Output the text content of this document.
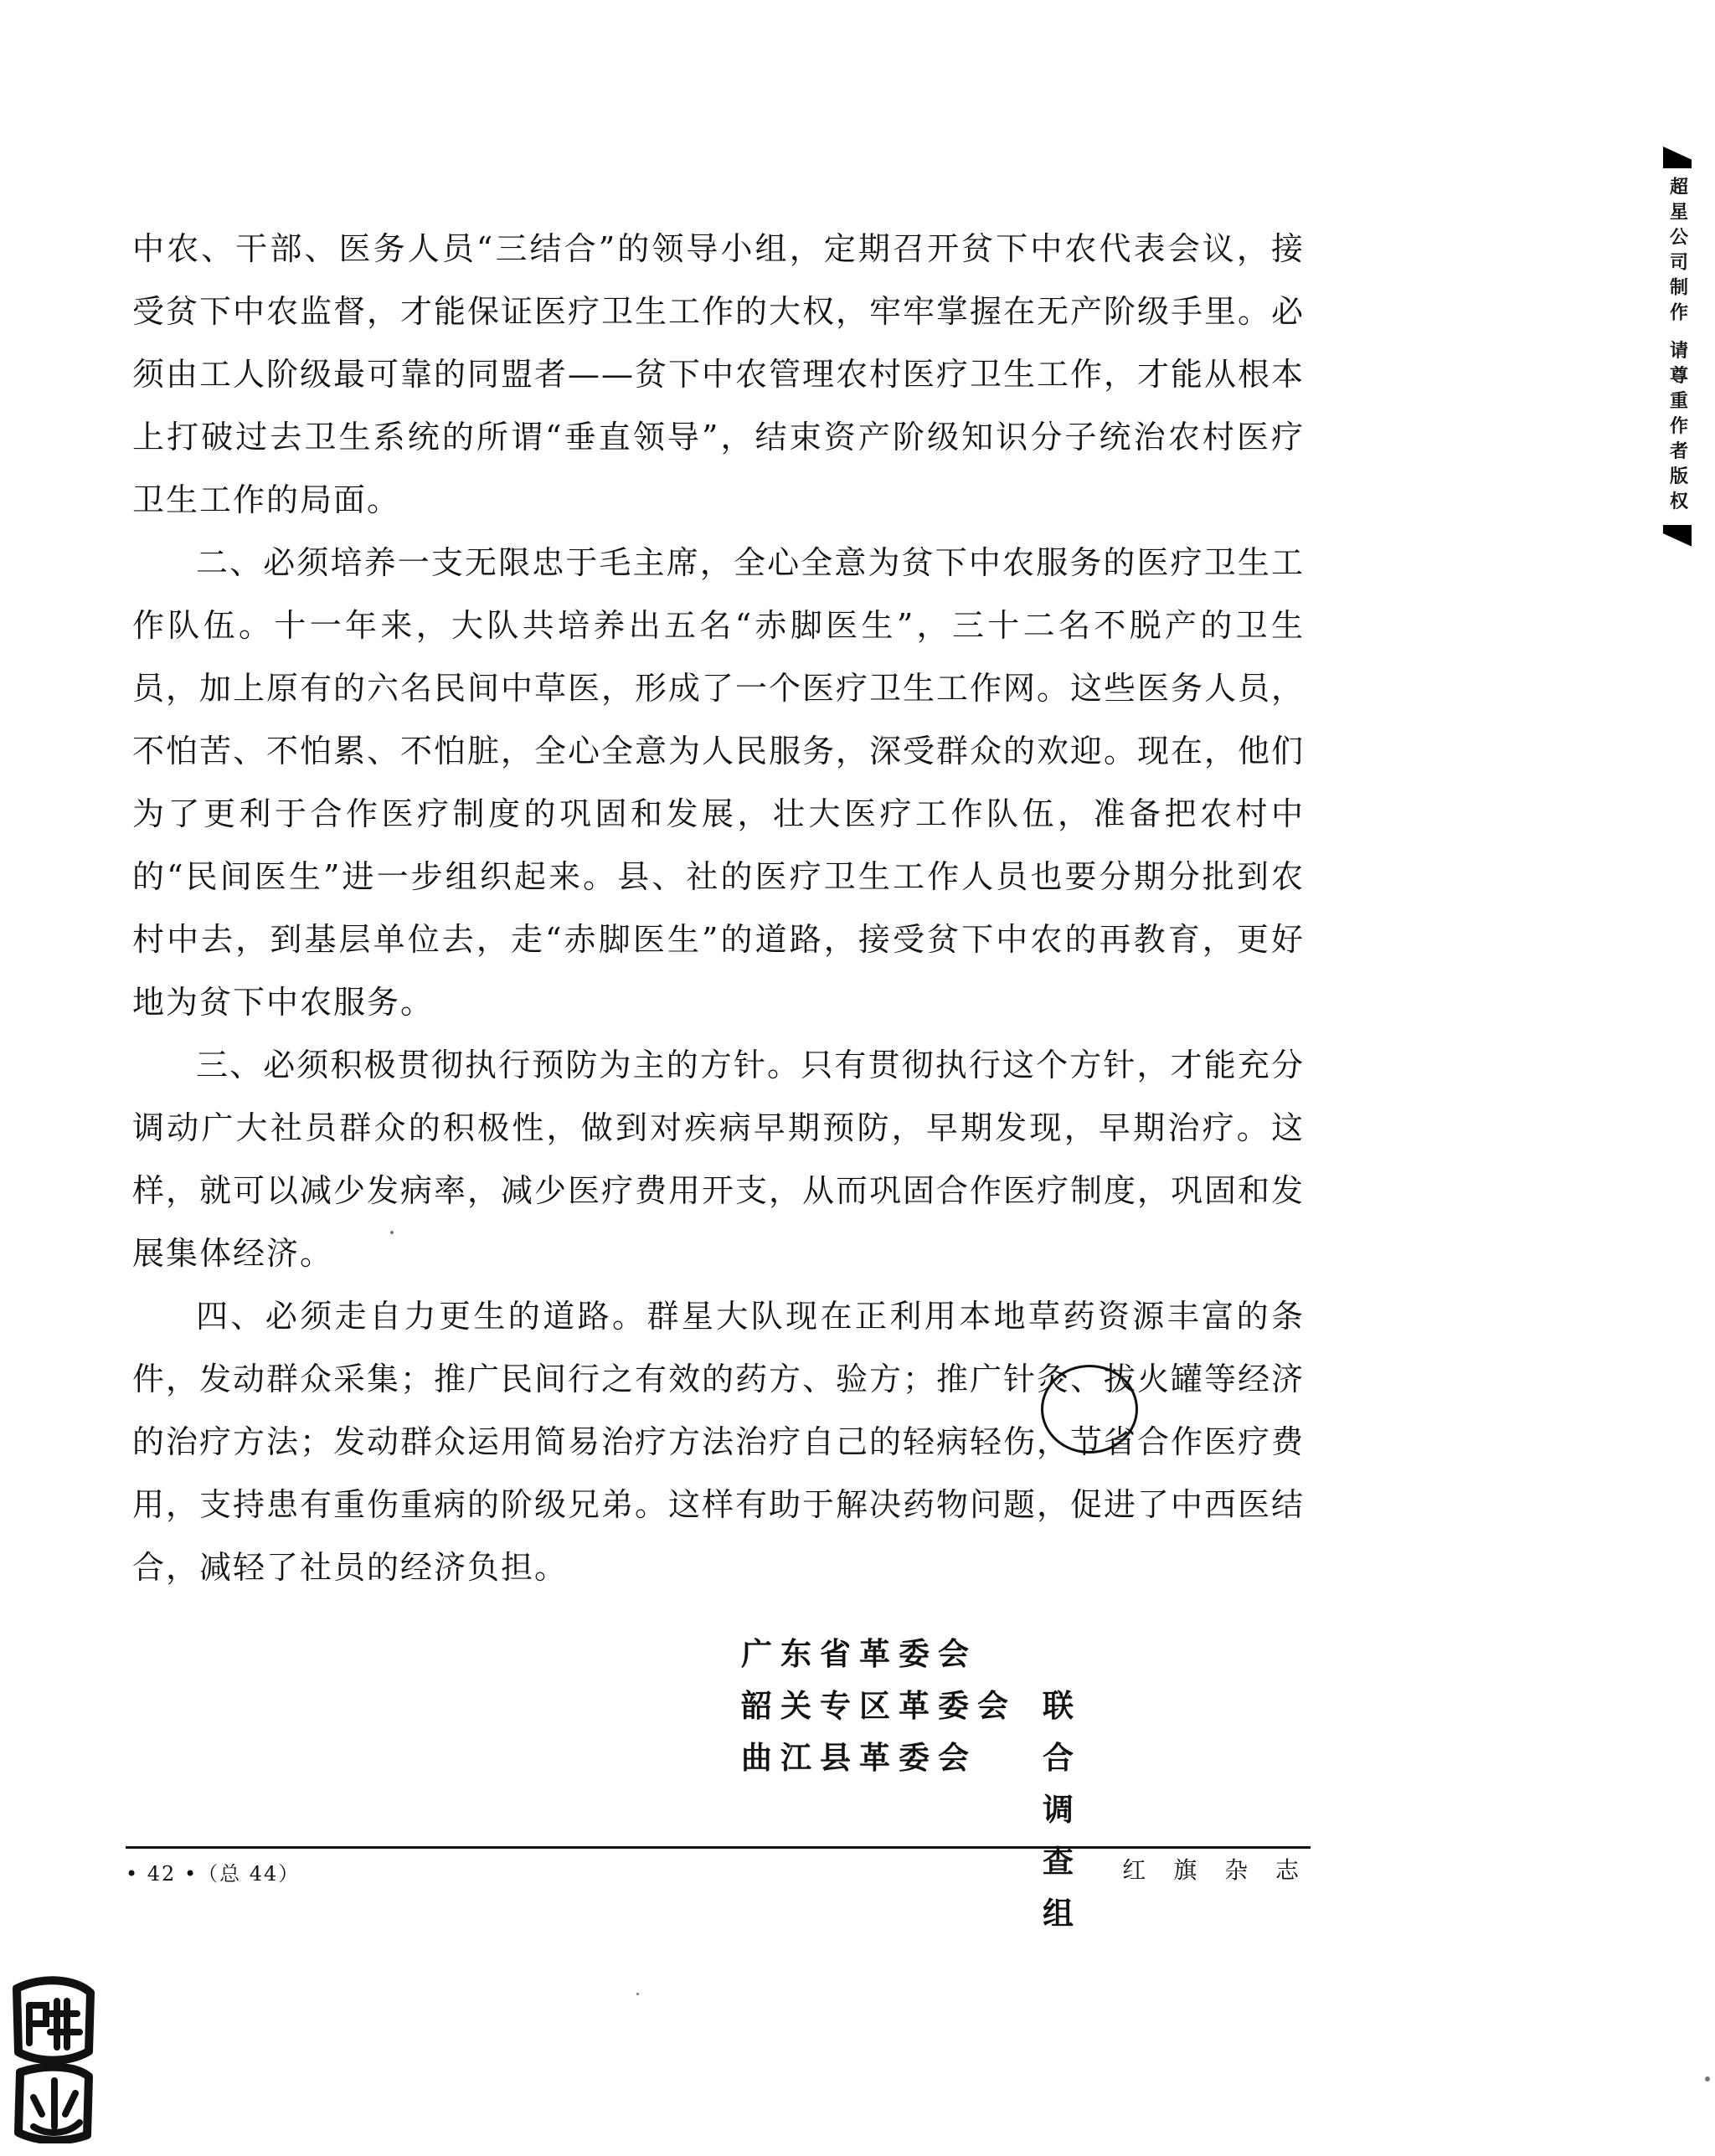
中农、干部、医务人员“三结合”的领导小组，定期召开贫下中农代表会议，接受贫下中农监督，才能保证医疗卫生工作的大权，牢牢掌握在无产阶级手里。必须由工人阶级最可靠的同盟者——贫下中农管理农村医疗卫生工作，才能从根本上打破过去卫生系统的所谓“垂直领导”，结束资产阶级知识分子统治农村医疗卫生工作的局面。

二、必须培养一支无限忠于毛主席，全心全意为贫下中农服务的医疗卫生工作队伍。十一年来，大队共培养出五名“赤脚医生”，三十二名不脱产的卫生员，加上原有的六名民间中草医，形成了一个医疗卫生工作网。这些医务人员，不怕苦、不怕累、不怕脏，全心全意为人民服务，深受群众的欢迎。现在，他们为了更利于合作医疗制度的巩固和发展，壮大医疗工作队伍，准备把农村中的“民间医生”进一步组织起来。县、社的医疗卫生工作人员也要分期分批到农村中去，到基层单位去，走“赤脚医生”的道路，接受贫下中农的再教育，更好地为贫下中农服务。

三、必须积极贯彻执行预防为主的方针。只有贯彻执行这个方针，才能充分调动广大社员群众的积极性，做到对疾病早期预防，早期发现，早期治疗。这样，就可以减少发病率，减少医疗费用开支，从而巩固合作医疗制度，巩固和发展集体经济。

四、必须走自力更生的道路。群星大队现在正利用本地草药资源丰富的条件，发动群众采集；推广民间行之有效的药方、验方；推广针灸、拔火罐等经济的治疗方法；发动群众运用简易治疗方法治疗自己的轻病轻伤，节省合作医疗费用，支持患有重伤重病的阶级兄弟。这样有助于解决药物问题，促进了中西医结合，减轻了社员的经济负担。

广东省革委会
韶关专区革委会
曲江县革委会
联合调查组
• 42 •（总 44）	红 旗 杂 志
超星公司制作 请尊重作者版权
